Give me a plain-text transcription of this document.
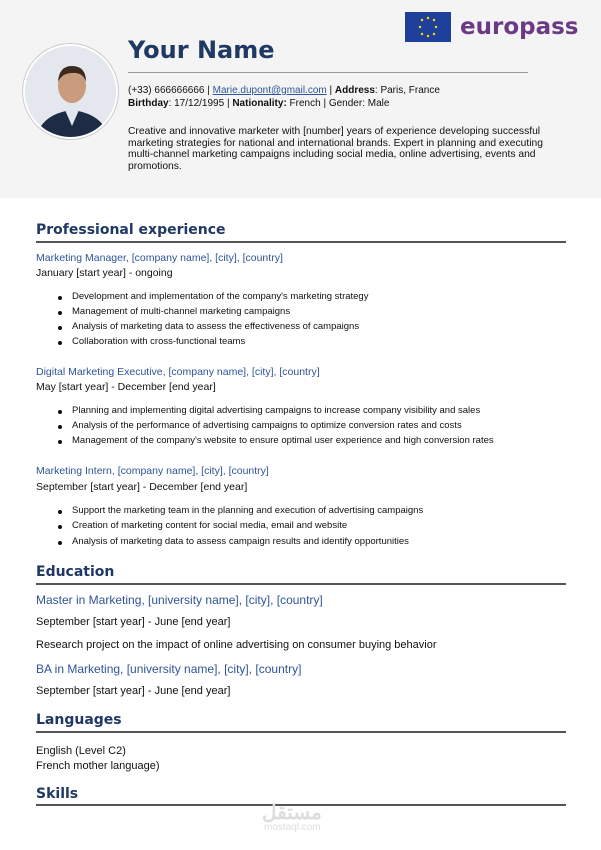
europass
Your Name
(+33) 666666666 | Marie.dupont@gmail.com | Address: Paris, France
Birthday: 17/12/1995 | Nationality: French | Gender: Male
Creative and innovative marketer with [number] years of experience developing successful marketing strategies for national and international brands. Expert in planning and executing multi-channel marketing campaigns including social media, online advertising, events and promotions.
Professional experience
Marketing Manager, [company name], [city], [country]
January [start year] - ongoing
Development and implementation of the company's marketing strategy
Management of multi-channel marketing campaigns
Analysis of marketing data to assess the effectiveness of campaigns
Collaboration with cross-functional teams
Digital Marketing Executive, [company name], [city], [country]
May [start year] - December [end year]
Planning and implementing digital advertising campaigns to increase company visibility and sales
Analysis of the performance of advertising campaigns to optimize conversion rates and costs
Management of the company's website to ensure optimal user experience and high conversion rates
Marketing Intern, [company name], [city], [country]
September [start year] - December [end year]
Support the marketing team in the planning and execution of advertising campaigns
Creation of marketing content for social media, email and website
Analysis of marketing data to assess campaign results and identify opportunities
Education
Master in Marketing, [university name], [city], [country]
September [start year] - June [end year]
Research project on the impact of online advertising on consumer buying behavior
BA in Marketing, [university name], [city], [country]
September [start year] - June [end year]
Languages
English (Level C2)
French mother language)
Skills
مستقل
mostaql.com
